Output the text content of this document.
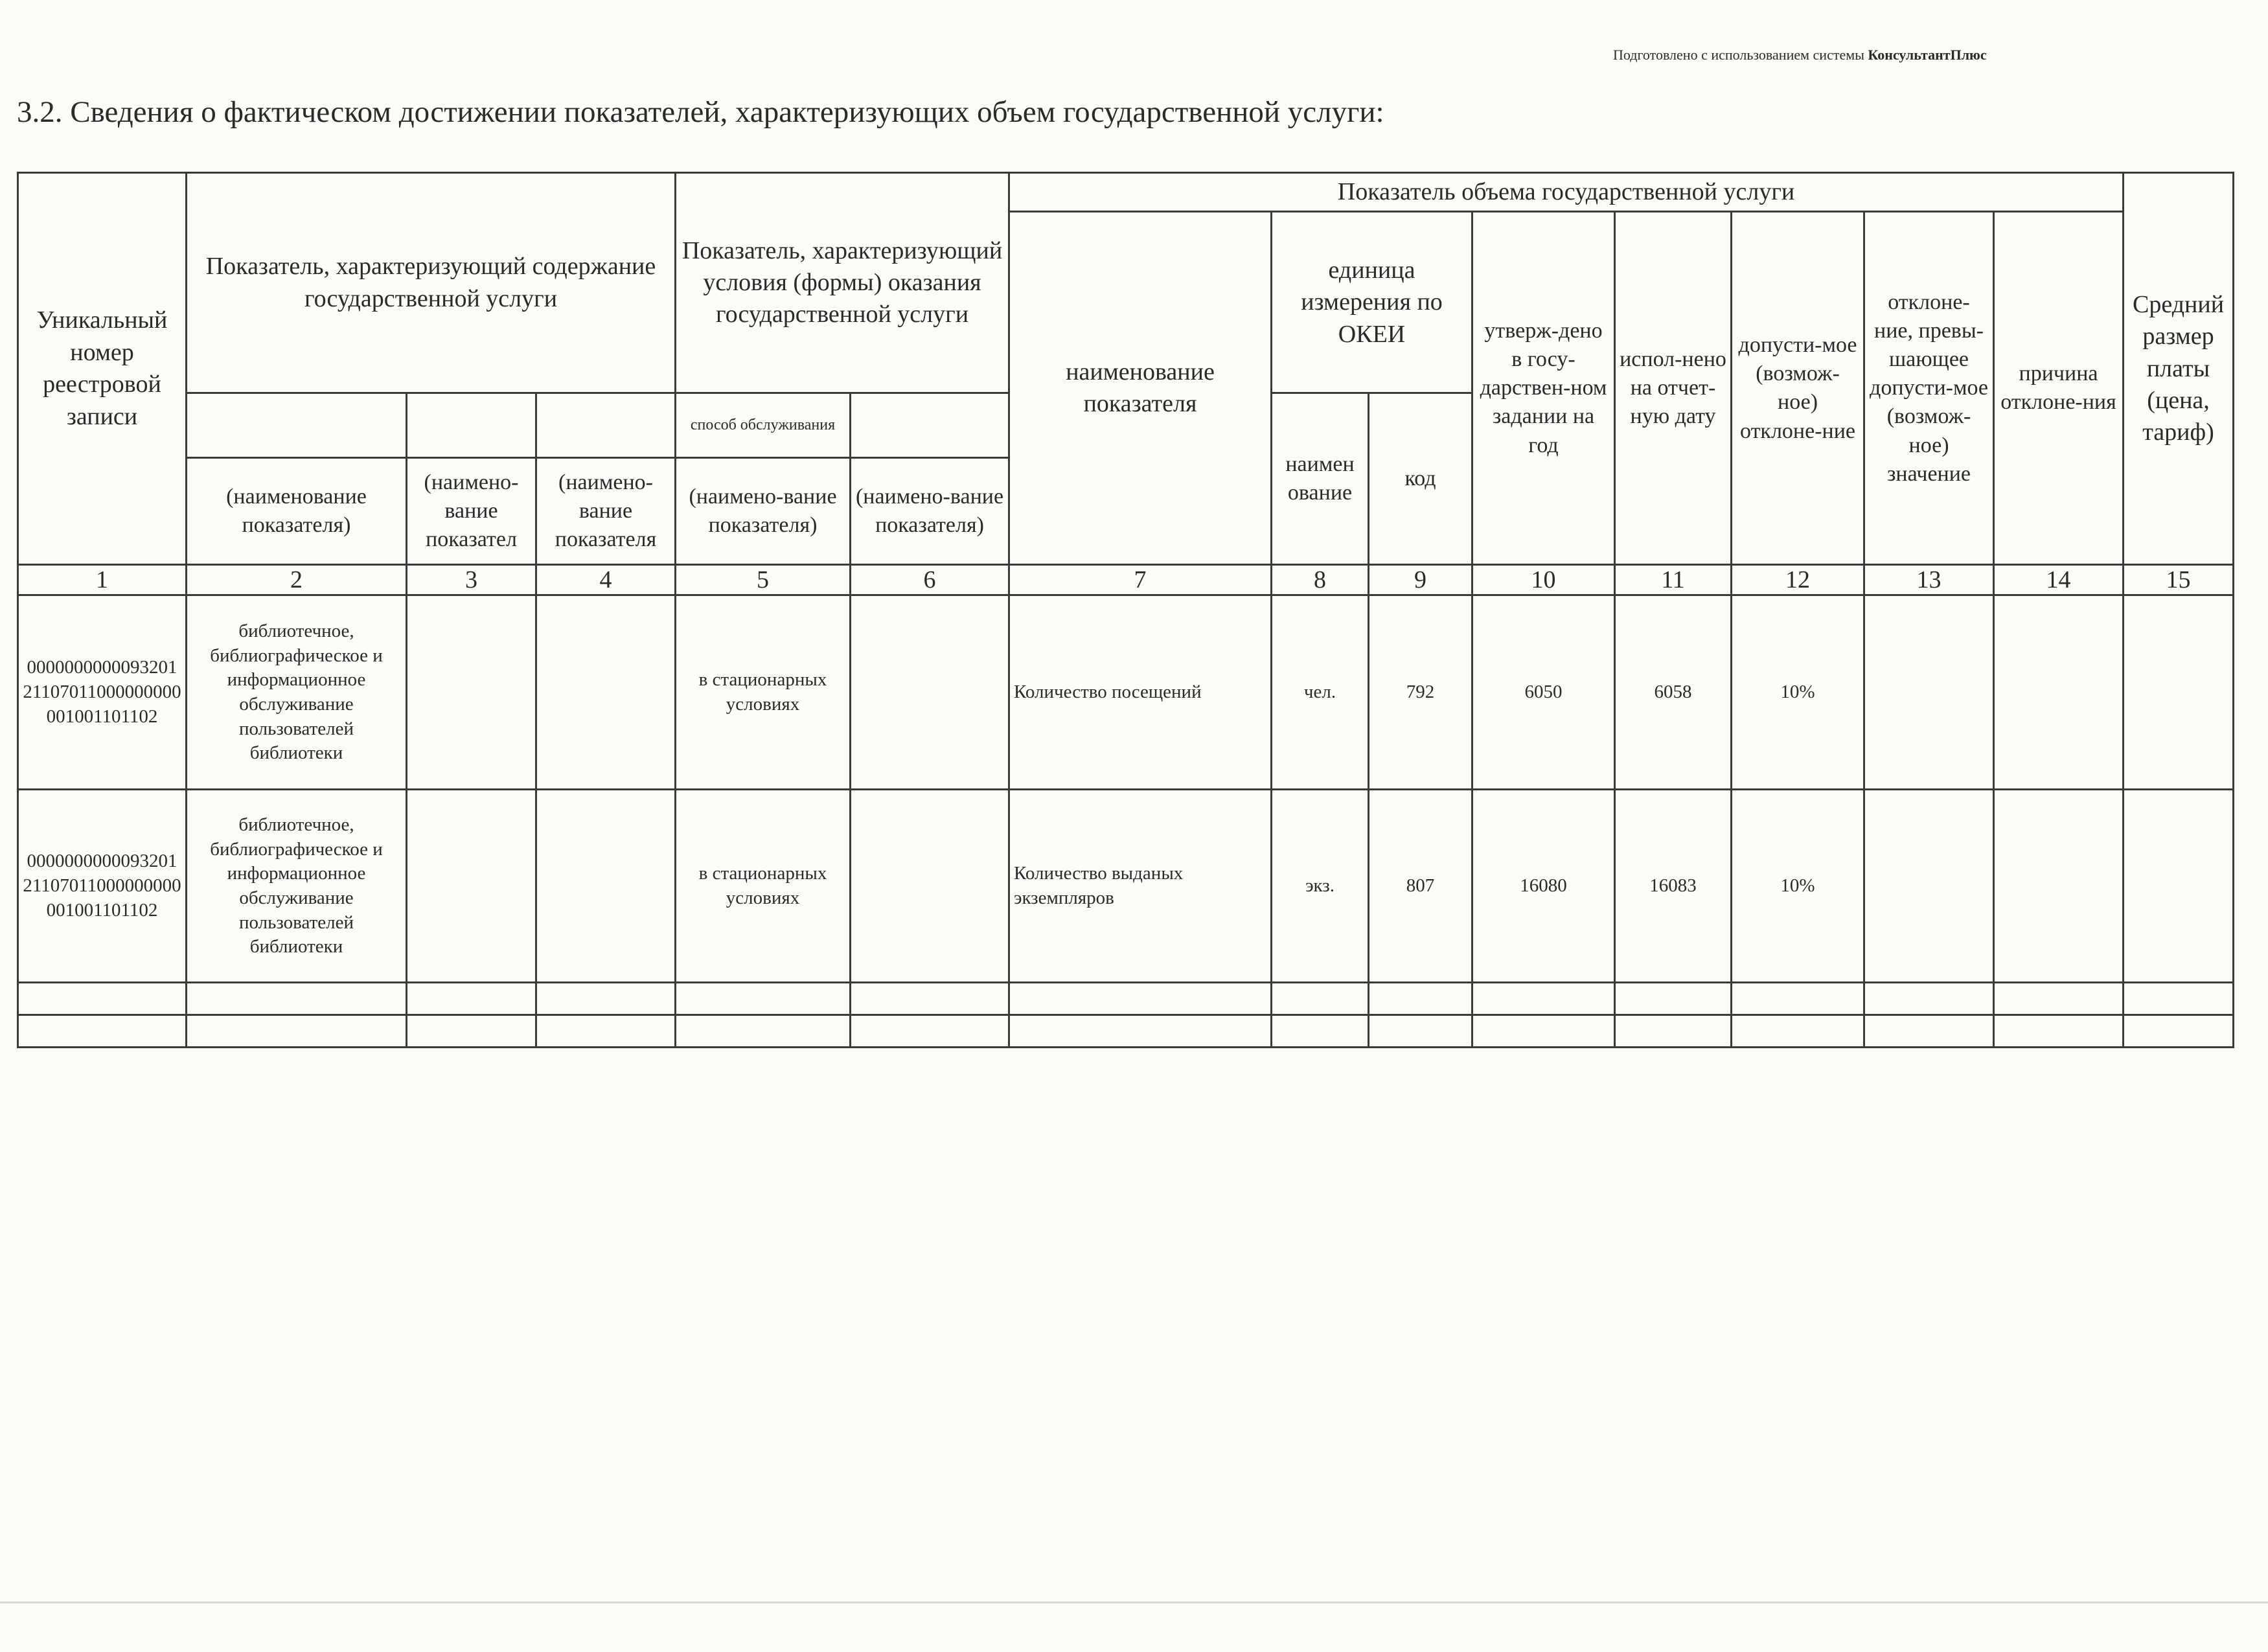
Подготовлено с использованием системы КонсультантПлюс
3.2. Сведения о фактическом достижении показателей, характеризующих объем государственной услуги:
Уникальный номер реестровой записи	Показатель, характеризующий содержание государственной услуги			Показатель, характеризующий условия (формы) оказания государственной услуги		Показатель объема государственной услуги								Средний размер платы (цена, тариф)
						наименование показателя	единица измерения по ОКЕИ		утверж-дено в госу-дарствен-ном задании на год	испол-нено на отчет-ную дату	допусти-мое (возмож-ное) отклоне-ние	отклоне-ние, превы-шающее допусти-мое (возмож-ное) значение	причина отклоне-ния	
				способ обслуживания			наимен ование	код						
	(наименование показателя)	(наимено-вание показател	(наимено-вание показателя	(наимено-вание показателя)	(наимено-вание показателя)									
1	2	3	4	5	6	7	8	9	10	11	12	13	14	15
000000000009320121107011000000000001001101102	библиотечное, библиографическое и информационное обслуживание пользователей библиотеки			в стационарных условиях		Количество посещений	чел.	792	6050	6058	10%			
000000000009320121107011000000000001001101102	библиотечное, библиографическое и информационное обслуживание пользователей библиотеки			в стационарных условиях		Количество выданых экземпляров	экз.	807	16080	16083	10%			
